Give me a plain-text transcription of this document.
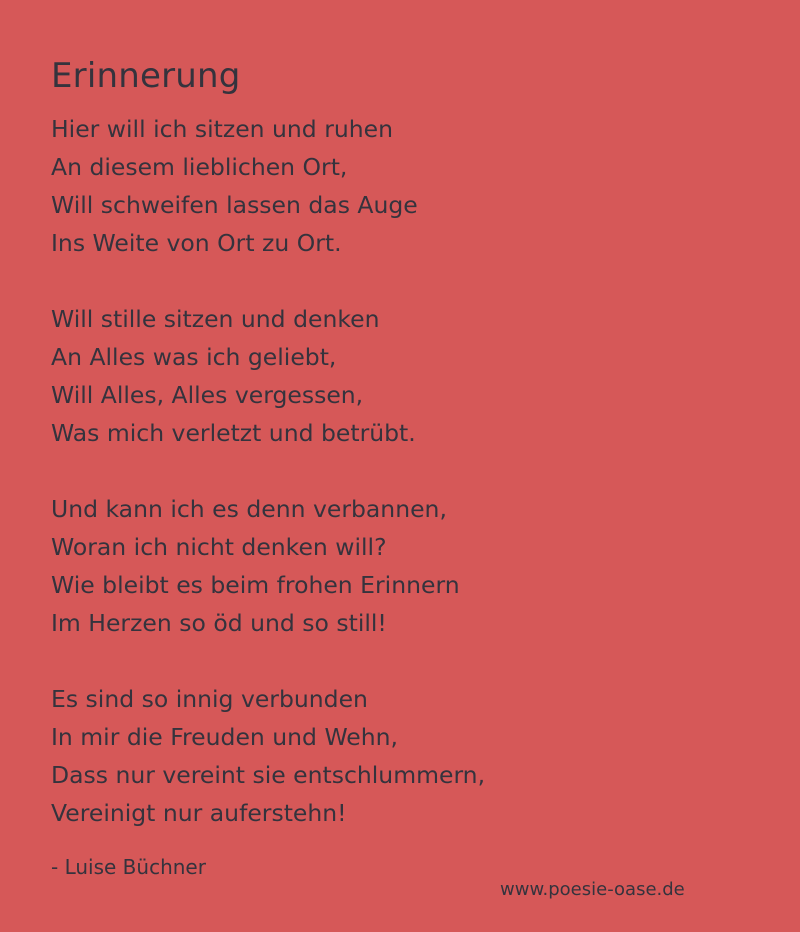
Erinnerung
Hier will ich sitzen und ruhen
An diesem lieblichen Ort,
Will schweifen lassen das Auge
Ins Weite von Ort zu Ort.
Will stille sitzen und denken
An Alles was ich geliebt,
Will Alles, Alles vergessen,
Was mich verletzt und betrübt.
Und kann ich es denn verbannen,
Woran ich nicht denken will?
Wie bleibt es beim frohen Erinnern
Im Herzen so öd und so still!
Es sind so innig verbunden
In mir die Freuden und Wehn,
Dass nur vereint sie entschlummern,
Vereinigt nur auferstehn!
- Luise Büchner
www.poesie-oase.de
